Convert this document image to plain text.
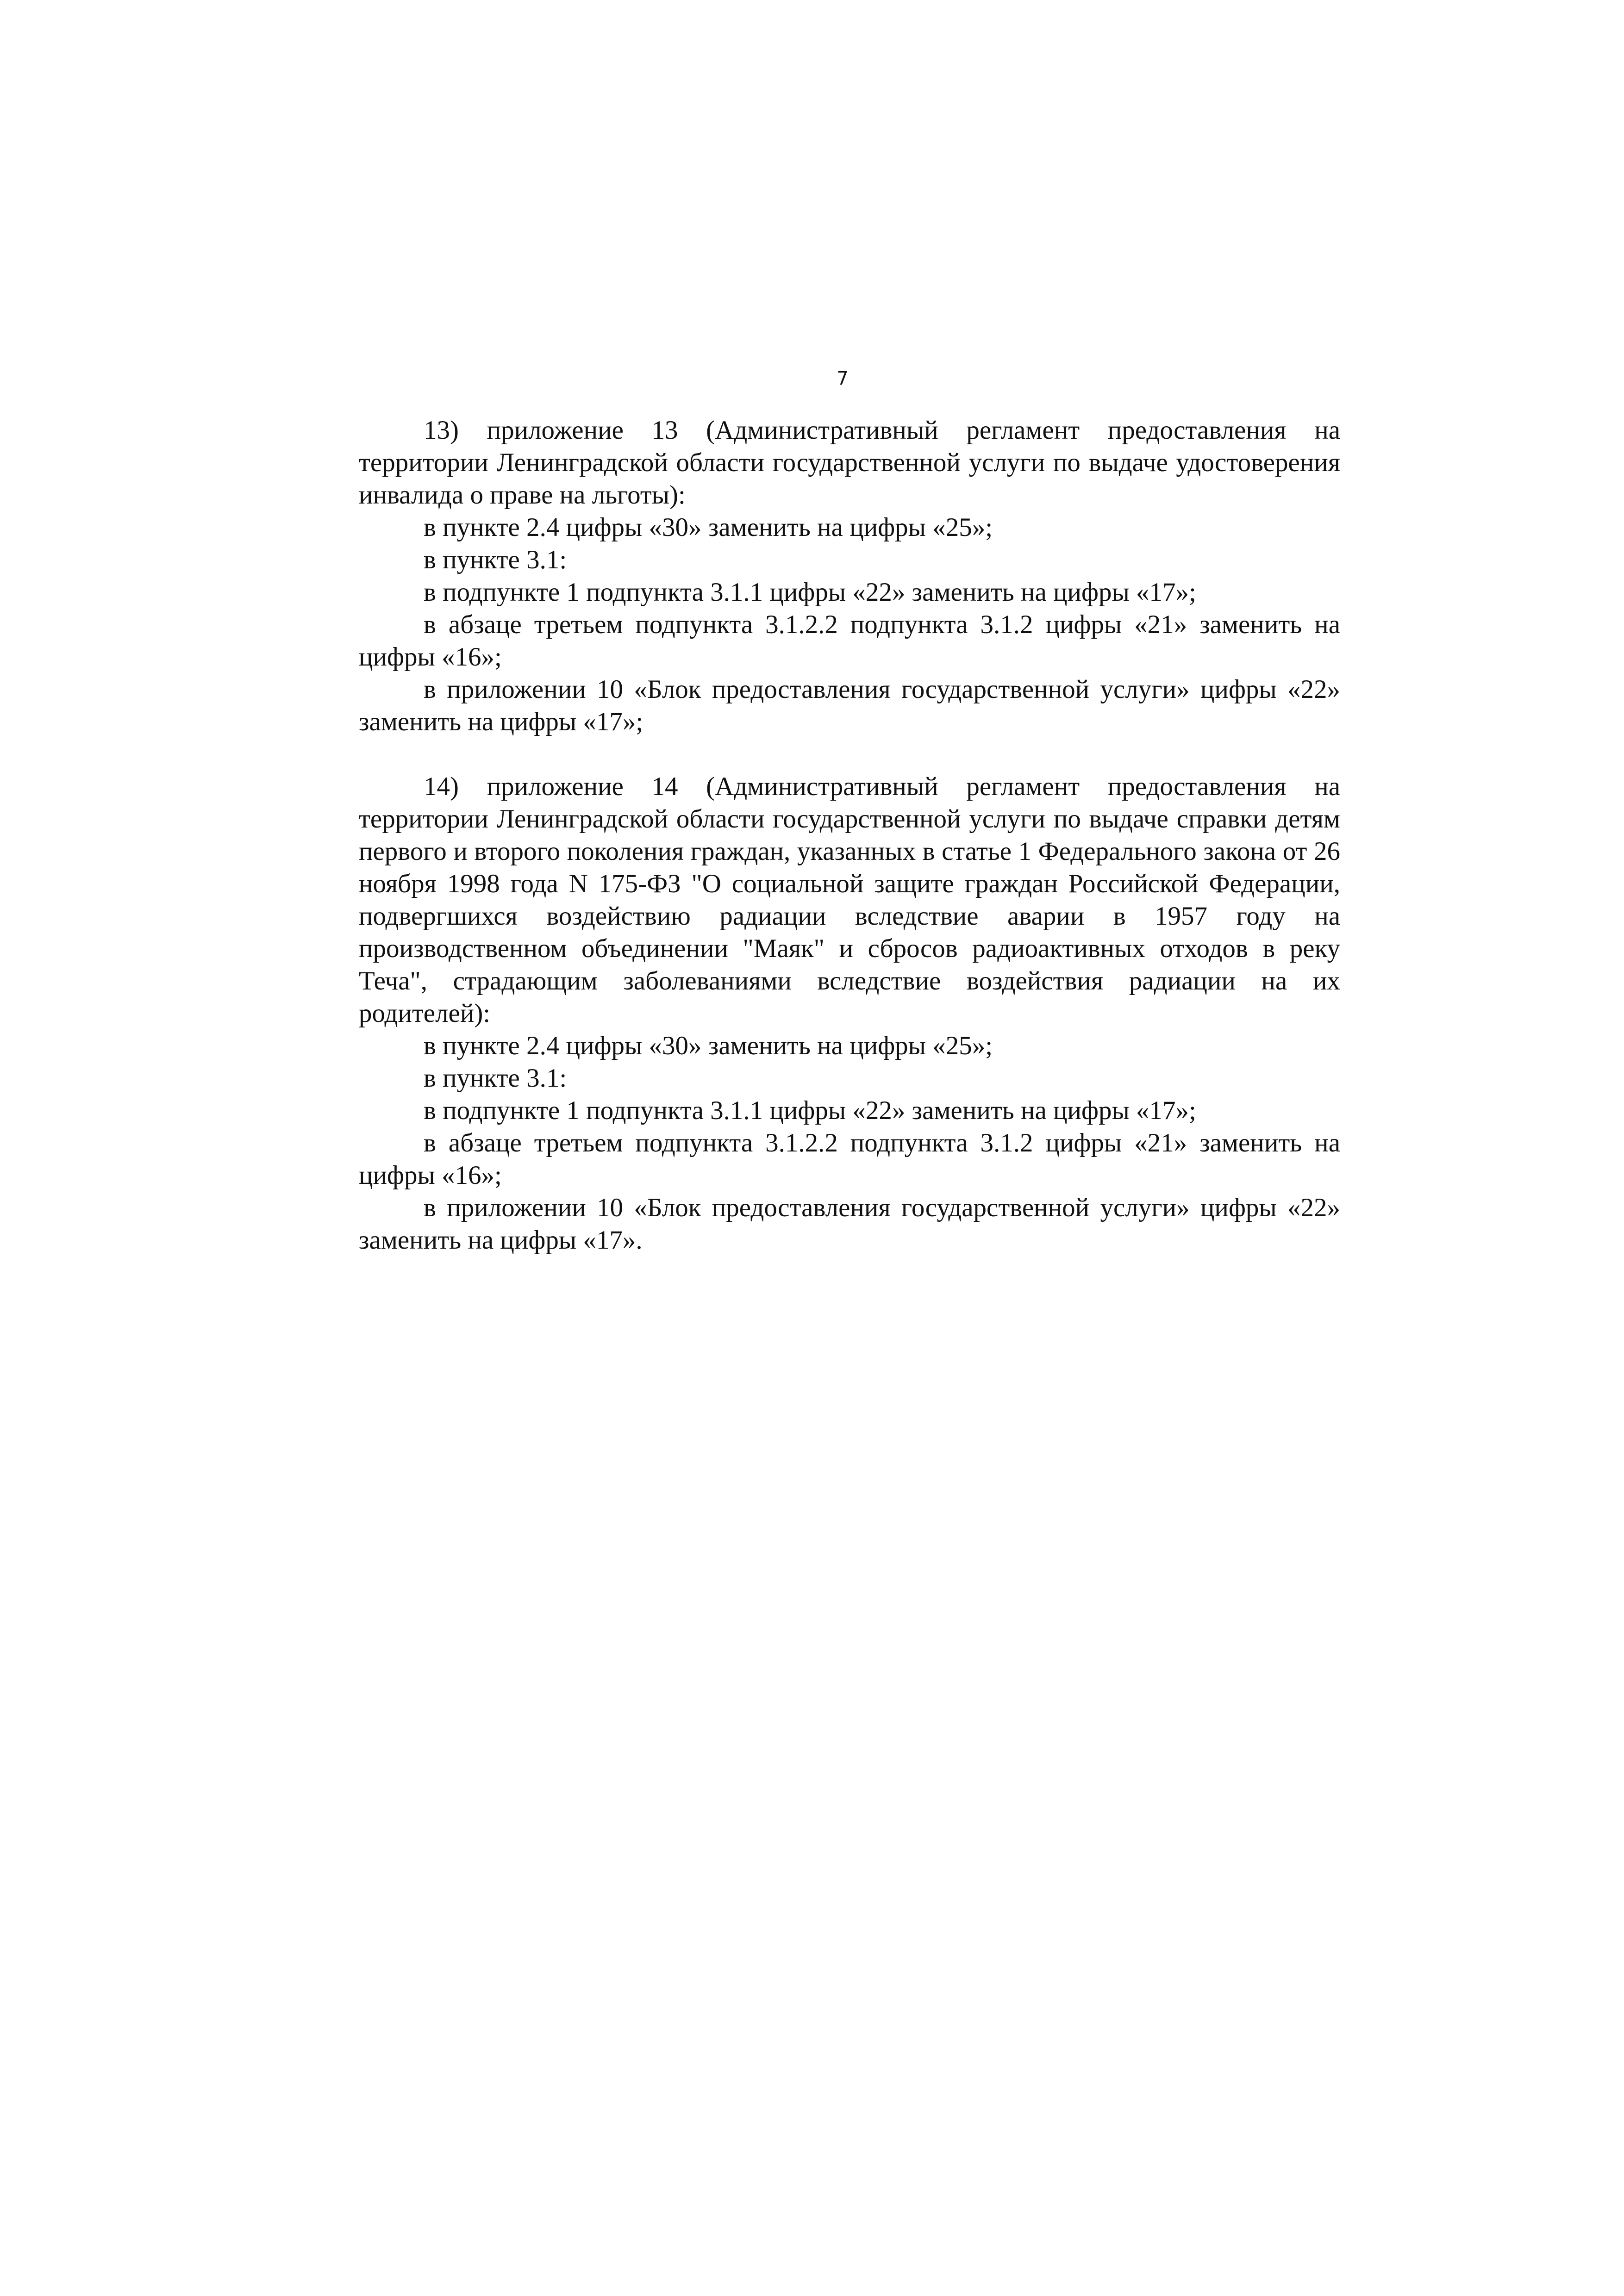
7

13) приложение 13 (Административный регламент предоставления на территории Ленинградской области государственной услуги по выдаче удостоверения инвалида о праве на льготы):

в пункте 2.4 цифры «30» заменить на цифры «25»;

в пункте 3.1:

в подпункте 1 подпункта 3.1.1 цифры «22» заменить на цифры «17»;

в абзаце третьем подпункта 3.1.2.2 подпункта 3.1.2 цифры «21» заменить на цифры «16»;

в приложении 10 «Блок предоставления государственной услуги» цифры «22» заменить на цифры «17»;

14) приложение 14 (Административный регламент предоставления на территории Ленинградской области государственной услуги по выдаче справки детям первого и второго поколения граждан, указанных в статье 1 Федерального закона от 26 ноября 1998 года N 175-ФЗ "О социальной защите граждан Российской Федерации, подвергшихся воздействию радиации вследствие аварии в 1957 году на производственном объединении "Маяк" и сбросов радиоактивных отходов в реку Теча", страдающим заболеваниями вследствие воздействия радиации на их родителей):

в пункте 2.4 цифры «30» заменить на цифры «25»;

в пункте 3.1:

в подпункте 1 подпункта 3.1.1 цифры «22» заменить на цифры «17»;

в абзаце третьем подпункта 3.1.2.2 подпункта 3.1.2 цифры «21» заменить на цифры «16»;

в приложении 10 «Блок предоставления государственной услуги» цифры «22» заменить на цифры «17».
